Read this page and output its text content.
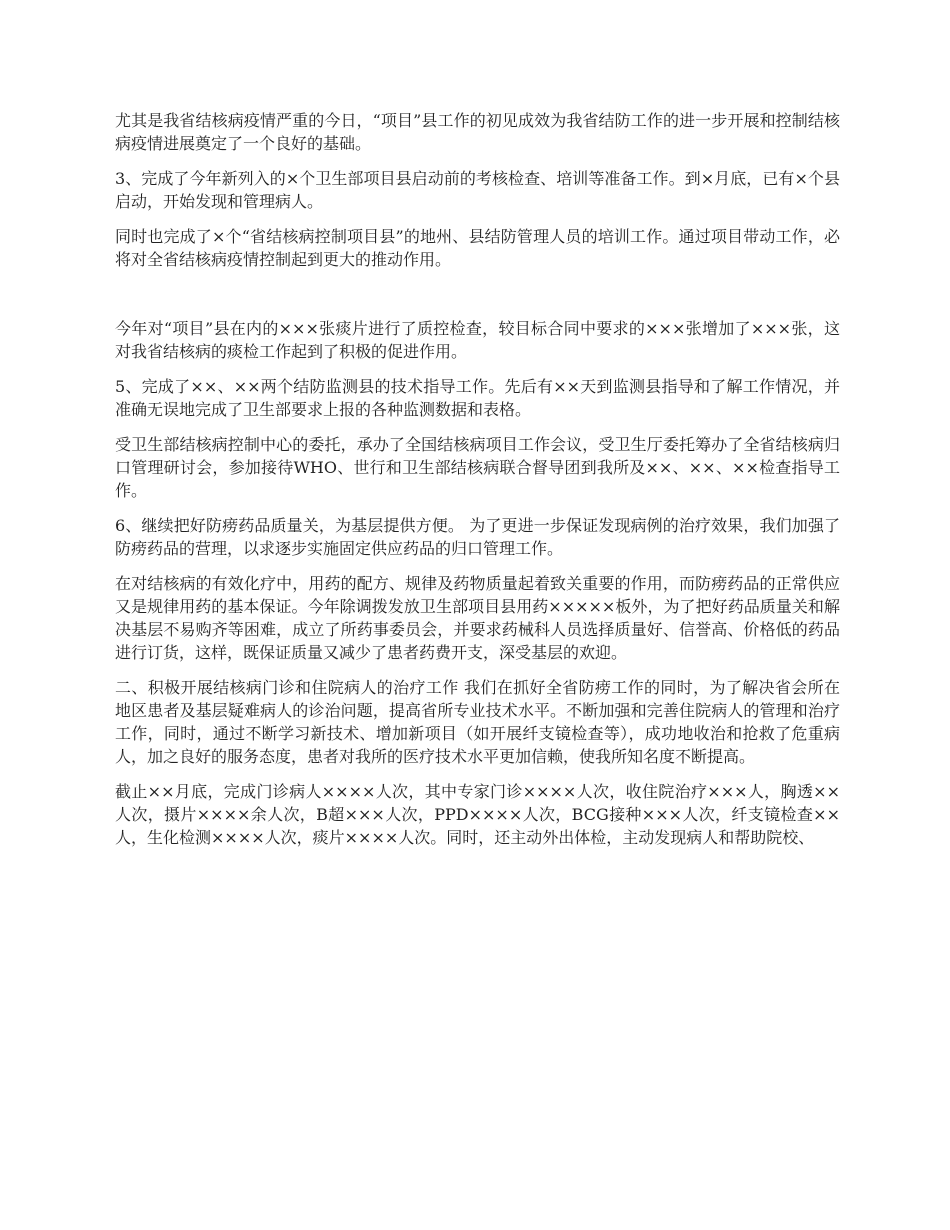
尤其是我省结核病疫情严重的今日，“项目”县工作的初见成效为我省结防工作的进一步开展和控制结核病疫情进展奠定了一个良好的基础。

3、完成了今年新列入的×个卫生部项目县启动前的考核检查、培训等准备工作。到×月底，已有×个县启动，开始发现和管理病人。

同时也完成了×个“省结核病控制项目县”的地州、县结防管理人员的培训工作。通过项目带动工作，必将对全省结核病疫情控制起到更大的推动作用。

今年对“项目”县在内的×××张痰片进行了质控检查，较目标合同中要求的×××张增加了×××张，这对我省结核病的痰检工作起到了积极的促进作用。

5、完成了××、××两个结防监测县的技术指导工作。先后有××天到监测县指导和了解工作情况，并准确无误地完成了卫生部要求上报的各种监测数据和表格。

受卫生部结核病控制中心的委托，承办了全国结核病项目工作会议，受卫生厅委托筹办了全省结核病归口管理研讨会，参加接待WHO、世行和卫生部结核病联合督导团到我所及××、××、××检查指导工作。

6、继续把好防痨药品质量关，为基层提供方便。 为了更进一步保证发现病例的治疗效果，我们加强了防痨药品的营理，以求逐步实施固定供应药品的归口管理工作。

在对结核病的有效化疗中，用药的配方、规律及药物质量起着致关重要的作用，而防痨药品的正常供应又是规律用药的基本保证。今年除调拨发放卫生部项目县用药×××××板外，为了把好药品质量关和解决基层不易购齐等困难，成立了所药事委员会，并要求药械科人员选择质量好、信誉高、价格低的药品进行订货，这样，既保证质量又减少了患者药费开支，深受基层的欢迎。

二、积极开展结核病门诊和住院病人的治疗工作 我们在抓好全省防痨工作的同时，为了解决省会所在地区患者及基层疑难病人的诊治问题，提高省所专业技术水平。不断加强和完善住院病人的管理和治疗工作，同时，通过不断学习新技术、增加新项目（如开展纤支镜检查等），成功地收治和抢救了危重病人，加之良好的服务态度，患者对我所的医疗技术水平更加信赖，使我所知名度不断提高。

截止××月底，完成门诊病人××××人次，其中专家门诊××××人次，收住院治疗×××人，胸透××人次，摄片××××余人次，B超×××人次，PPD××××人次，BCG接种×××人次，纤支镜检查××人，生化检测××××人次，痰片××××人次。同时，还主动外出体检，主动发现病人和帮助院校、
